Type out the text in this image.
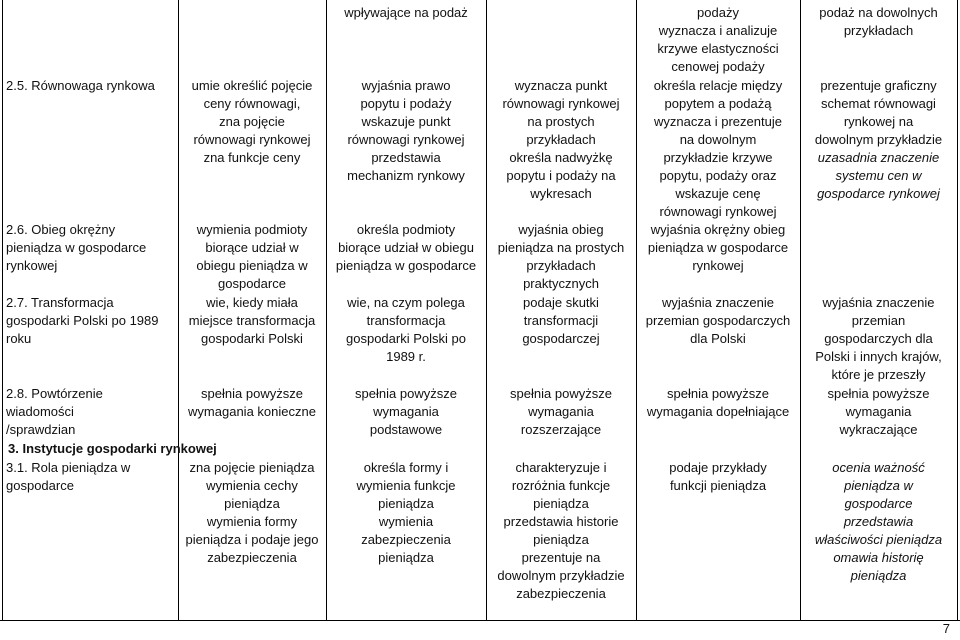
wpływające na podaż	podaży
wyznacza i analizuje
krzywe elastyczności
cenowej podaży
podaż na dowolnych
przykładach
2.5. Równowaga rynkowa	umie określić pojęcie
ceny równowagi,
zna pojęcie
równowagi rynkowej
zna funkcje ceny
wyjaśnia prawo
popytu i podaży
wskazuje punkt
równowagi rynkowej
przedstawia
mechanizm rynkowy
wyznacza punkt
równowagi rynkowej
na prostych
przykładach
określa nadwyżkę
popytu i podaży na
wykresach
określa relacje między
popytem a podażą
wyznacza i prezentuje
na dowolnym
przykładzie krzywe
popytu, podaży oraz
wskazuje cenę
równowagi rynkowej
prezentuje graficzny
schemat równowagi
rynkowej na
dowolnym przykładzie
uzasadnia znaczenie
systemu cen w
gospodarce rynkowej
2.6. Obieg okrężny
pieniądza w gospodarce
rynkowej
wymienia podmioty
biorące udział w
obiegu pieniądza w
gospodarce
określa podmioty
biorące udział w obiegu
pieniądza w gospodarce
wyjaśnia obieg
pieniądza na prostych
przykładach
praktycznych
wyjaśnia okrężny obieg
pieniądza w gospodarce
rynkowej
2.7. Transformacja
gospodarki Polski po 1989
roku
wie, kiedy miała
miejsce transformacja
gospodarki Polski
wie, na czym polega
transformacja
gospodarki Polski po
1989 r.
podaje skutki
transformacji
gospodarczej
wyjaśnia znaczenie
przemian gospodarczych
dla Polski
wyjaśnia znaczenie
przemian
gospodarczych dla
Polski i innych krajów,
które je przeszły
2.8. Powtórzenie
wiadomości
/sprawdzian
spełnia powyższe
wymagania konieczne
spełnia powyższe
wymagania
podstawowe
spełnia powyższe
wymagania
rozszerzające
spełnia powyższe
wymagania dopełniające
spełnia powyższe
wymagania
wykraczające
3. Instytucje gospodarki rynkowej
3.1. Rola pieniądza w
gospodarce
zna pojęcie pieniądza
wymienia cechy
pieniądza
wymienia formy
pieniądza i podaje jego
zabezpieczenia
określa formy i
wymienia funkcje
pieniądza
wymienia
zabezpieczenia
pieniądza
charakteryzuje i
rozróżnia funkcje
pieniądza
przedstawia historie
pieniądza
prezentuje na
dowolnym przykładzie
zabezpieczenia
podaje przykłady
funkcji pieniądza
ocenia ważność
pieniądza w
gospodarce
przedstawia
właściwości pieniądza
omawia historię
pieniądza
7
